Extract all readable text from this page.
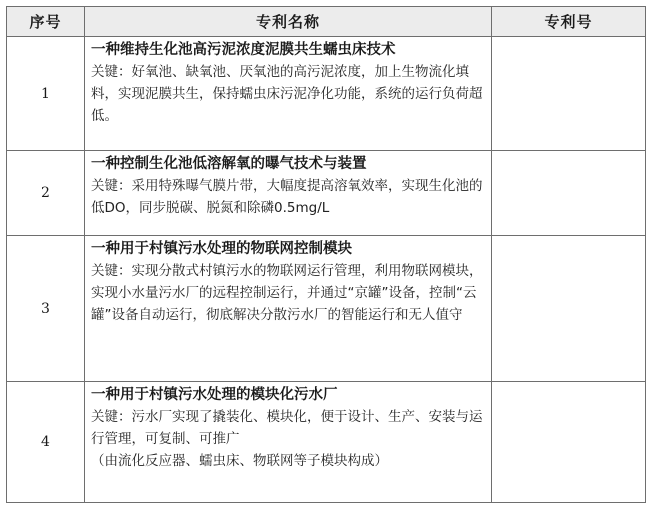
序号	专利名称	专利号
1	一种维持生化池高污泥浓度泥膜共生蠕虫床技术
关键：好氧池、缺氧池、厌氧池的高污泥浓度，加上生物流化填料，实现泥膜共生，保持蠕虫床污泥净化功能，系统的运行负荷超低。	

2	一种控制生化池低溶解氧的曝气技术与装置
关键：采用特殊曝气膜片带，大幅度提高溶氧效率，实现生化池的低DO，同步脱碳、脱氮和除磷0.5mg/L	

3	一种用于村镇污水处理的物联网控制模块
关键：实现分散式村镇污水的物联网运行管理，利用物联网模块，实现小水量污水厂的远程控制运行，并通过“京罐”设备，控制“云罐”设备自动运行，彻底解决分散污水厂的智能运行和无人值守	

4	一种用于村镇污水处理的模块化污水厂
关键：污水厂实现了撬装化、模块化，便于设计、生产、安装与运行管理，可复制、可推广
（由流化反应器、蠕虫床、物联网等子模块构成）	
